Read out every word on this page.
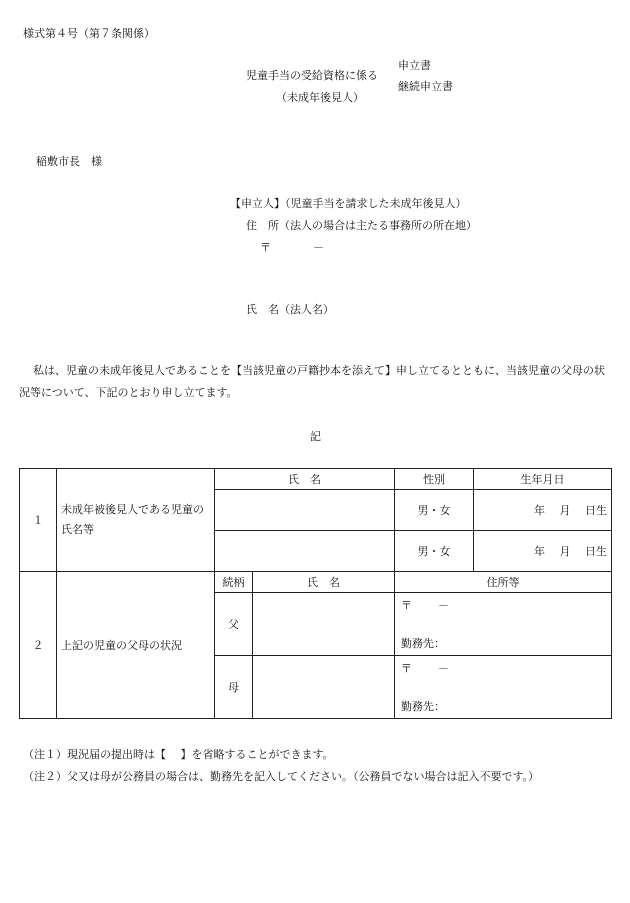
様式第４号（第７条関係）
児童手当の受給資格に係る
（未成年後見人）
申立書
継続申立書
稲敷市長　様
【申立人】（児童手当を請求した未成年後見人）
住　所（法人の場合は主たる事務所の所在地）
〒	－
氏　名（法人名）
私は、児童の未成年後見人であることを【当該児童の戸籍抄本を添えて】申し立てるとともに、当該児童の父母の状況等について、下記のとおり申し立てます。
記
１	未成年被後見人である児童の氏名等	氏　名		性別	生年月日
				男・女	年　 月　 日生
				男・女	年　 月　 日生
２	上記の児童の父母の状況	続柄	氏　名	住所等	
		父		〒 －
勤務先：	

		母		〒 －
勤務先：	
（注１）現況届の提出時は【　 】を省略することができます。
（注２）父又は母が公務員の場合は、勤務先を記入してください。（公務員でない場合は記入不要です。）
